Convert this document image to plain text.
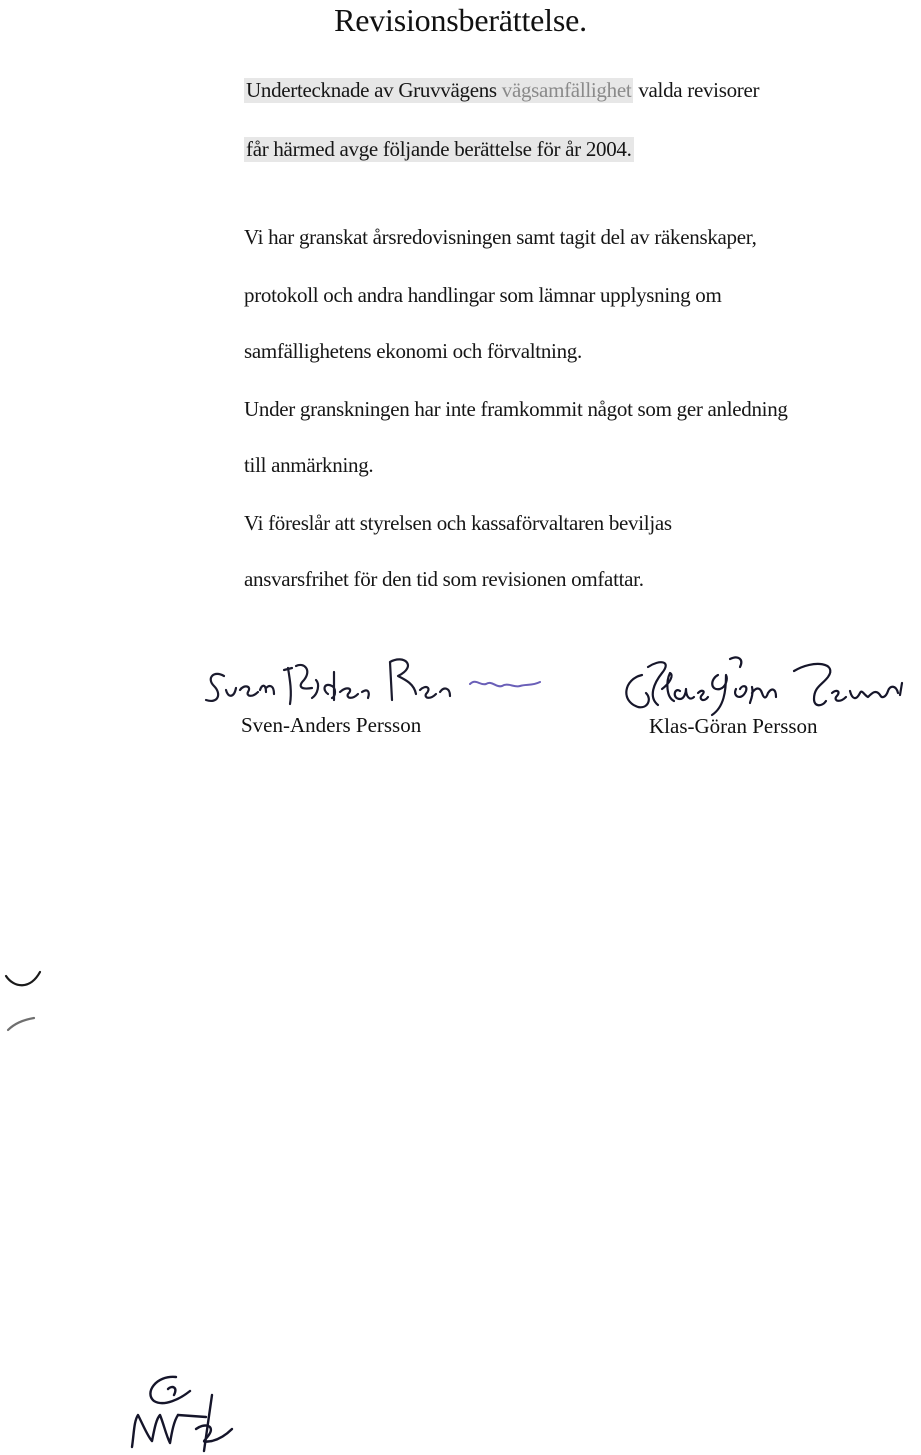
Revisionsberättelse.

Undertecknade av Gruvvägens vägsamfällighet valda revisorer

får härmed avge följande berättelse för år 2004.

Vi har granskat årsredovisningen samt tagit del av räkenskaper,

protokoll och andra handlingar som lämnar upplysning om

samfällighetens ekonomi och förvaltning.

Under granskningen har inte framkommit något som ger anledning

till anmärkning.

Vi föreslår att styrelsen och kassaförvaltaren beviljas

ansvarsfrihet för den tid som revisionen omfattar.

Sven-Anders Persson	Klas-Göran Persson
